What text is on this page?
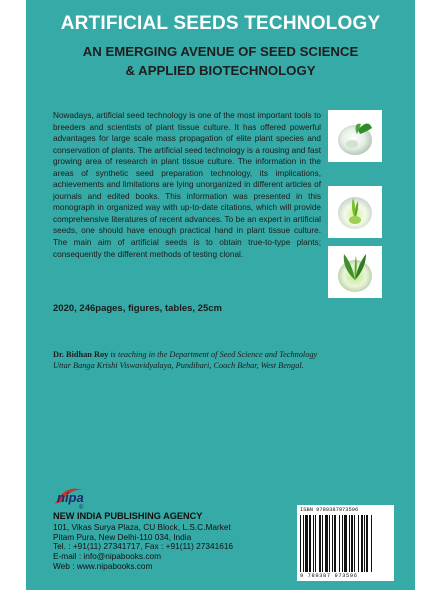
ARTIFICIAL SEEDS TECHNOLOGY
AN EMERGING AVENUE OF SEED SCIENCE
& APPLIED BIOTECHNOLOGY
Nowadays, artificial seed technology is one of the most important tools to breeders and scientists of plant tissue culture. It has offered powerful advantages for large scale mass propagation of elite plant species and conservation of plants. The artificial seed technology is a rousing and fast growing area of research in plant tissue culture. The information in the areas of synthetic seed preparation technology, its implications, achievements and limitations are lying unorganized in different articles of journals and edited books. This information was presented in this monograph in organized way with up-to-date citations, which will provide comprehensive literatures of recent advances. To be an expert in artificial seeds, one should have enough practical hand in plant tissue culture. The main aim of artificial seeds is to obtain true-to-type plants; consequently the different methods of testing clonal.
2020, 246pages, figures, tables, 25cm
Dr. Bidhan Roy is teaching in the Department of Seed Science and Technology
Uttar Banga Krishi Viswavidyalaya, Pundibari, Cooch Behar, West Bengal.
nipa
®
NEW INDIA PUBLISHING AGENCY
101, Vikas Surya Plaza, CU Block, L.S.C.Market
Pitam Pura, New Delhi-110 034, India
Tel. : +91(11) 27341717, Fax : +91(11) 27341616
E-mail : info@nipabooks.com
Web : www.nipabooks.com
ISBN 9789387973596
9 789387 973596
